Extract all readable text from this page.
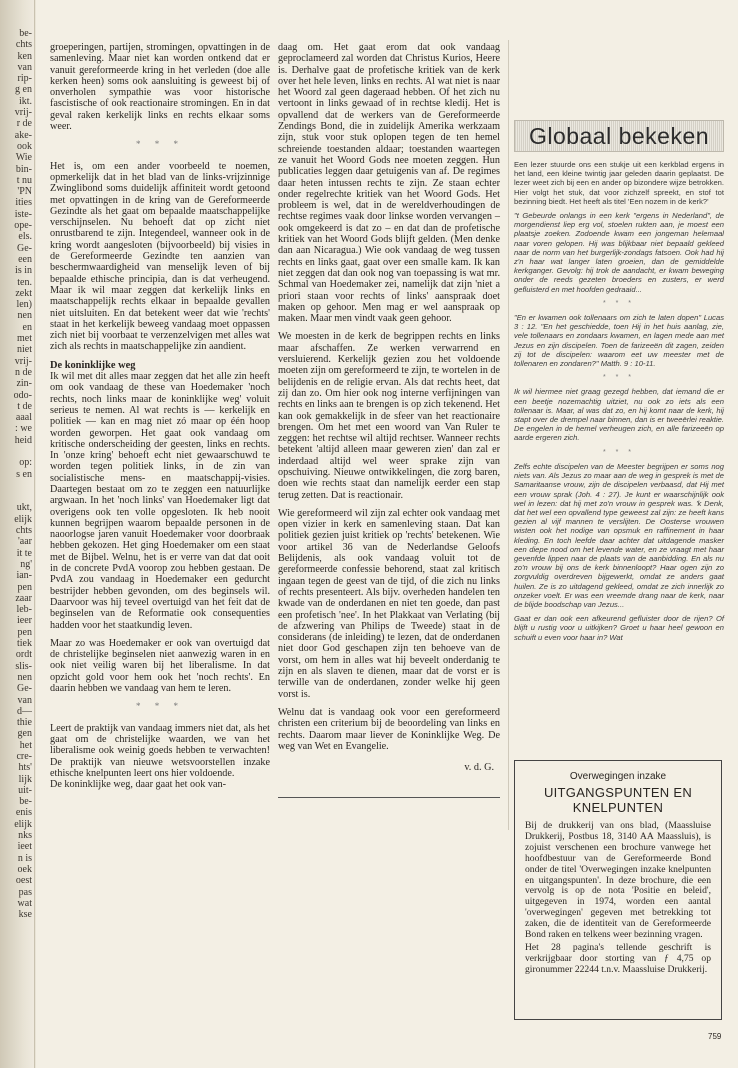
be-
chts
ken
van
rip-
g en
ikt.
vrij-
r de
ake-
ook
Wie
bin-
t nu
'PN
ities
iste-
ope-
els.
Ge-
een
is in
ten.
zekt
len)
nen
en
met
niet
vrij-
n de
zin-
odo-
t de
aaal
: we
heid

op:
s en

ukt,
elijk
chts
'aar
it te
ng'
ian-
pen
zaar
leb-
ieer
pen
tiek
ordt
slis-
nen
Ge-
van
d—
thie
gen
het
cre-
hts'
lijk
uit-
be-
enis
elijk
nks
ieet
n is
oek
oest
pas
wat
kse

groeperingen, partijen, stromingen, opvattingen in de samenleving. Maar niet kan worden ontkend dat er vanuit gereformeerde kring in het verleden (doe alle kerken heen) soms ook aansluiting is geweest bij of onverholen sympathie was voor historische fascistische of ook reactionaire stromingen. En in dat geval raken kerkelijk links en rechts elkaar soms weer.

* * *

Het is, om een ander voorbeeld te noemen, opmerkelijk dat in het blad van de links-vrijzinnige Zwinglibond soms duidelijk affiniteit wordt getoond met opvattingen in de kring van de Gereformeerde Gezindte als het gaat om bepaalde maatschappelijke verschijnselen. Nu behoeft dat op zicht niet onrustbarend te zijn. Integendeel, wanneer ook in de kring wordt aangesloten (bijvoorbeeld) bij visies in de Gereformeerde Gezindte ten aanzien van beschermwaardigheid van menselijk leven of bij bepaalde ethische principia, dan is dat verheugend. Maar ik wil maar zeggen dat kerkelijk links en maatschappelijk rechts elkaar in bepaalde gevallen niet uitsluiten. En dat betekent weer dat wie 'rechts' staat in het kerkelijk beweeg vandaag moet oppassen zich niet bij voorbaat te verzenzelvigen met alles wat zich als rechts in maatschappelijke zin aandient.

De koninklijke weg

Ik wil met dit alles maar zeggen dat het alle zin heeft om ook vandaag de these van Hoedemaker 'noch rechts, noch links maar de koninklijke weg' voluit serieus te nemen. Al wat rechts is — kerkelijk en politiek — kan en mag niet zó maar op één hoop worden geworpen. Het gaat ook vandaag om kritische onderscheiding der geesten, links en rechts. In 'onze kring' behoeft echt niet gewaarschuwd te worden tegen politiek links, in de zin van socialistische mens- en maatschappij-visies. Daartegen bestaat om zo te zeggen een natuurlijke argwaan. In het 'noch links' van Hoedemaker ligt dat overigens ook ten volle opgesloten. Ik heb nooit kunnen begrijpen waarom bepaalde personen in de naoorlogse jaren vanuit Hoedemaker voor doorbraak hebben gekozen. Het ging Hoedemaker om een staat met de Bijbel. Welnu, het is er verre van dat dat ooit in de concrete PvdA voorop zou hebben gestaan. De PvdA zou vandaag in Hoedemaker een gedurcht bestrijder hebben gevonden, om des beginsels wil. Daarvoor was hij teveel overtuigd van het feit dat de beginselen van de Reformatie ook consequenties hadden voor het staatkundig leven.

Maar zo was Hoedemaker er ook van overtuigd dat de christelijke beginselen niet aanwezig waren in en ook niet veilig waren bij het liberalisme. In dat opzicht gold voor hem ook het 'noch rechts'. En daarin hebben we vandaag van hem te leren.

* * *

Leert de praktijk van vandaag immers niet dat, als het gaat om de christelijke waarden, we van het liberalisme ook weinig goeds hebben te verwachten! De praktijk van nieuwe wetsvoorstellen inzake ethische knelpunten leert ons hier voldoende.

De koninklijke weg, daar gaat het ook van-

daag om. Het gaat erom dat ook vandaag geproclameerd zal worden dat Christus Kurios, Heere is. Derhalve gaat de profetische kritiek van de kerk over het hele leven, links en rechts. Al wat niet is naar het Woord zal geen dageraad hebben. Of het zich nu vertoont in links gewaad of in rechtse kledij. Het is opvallend dat de werkers van de Gereformeerde Zendings Bond, die in zuidelijk Amerika werkzaam zijn, stuk voor stuk oplopen tegen de ten hemel schreiende toestanden aldaar; toestanden waartegen ze vanuit het Woord Gods nee moeten zeggen. Hun publicaties leggen daar getuigenis van af. De regimes daar heten intussen rechts te zijn. Ze staan echter onder regelrechte kritiek van het Woord Gods. Het probleem is wel, dat in de wereldverhoudingen de rechtse regimes vaak door linkse worden vervangen – ook omgekeerd is dat zo – en dat dan de profetische kritiek van het Woord Gods blijft gelden. (Men denke dan aan Nicaragua.) Wie ook vandaag de weg tussen rechts en links gaat, gaat over een smalle kam. Ik kan niet zeggen dat dan ook nog van toepassing is wat mr. Schmal van Hoedemaker zei, namelijk dat zijn 'niet a priori staan voor rechts of links' aanspraak doet maken op gehoor. Men mag er wel aanspraak op maken. Maar men vindt vaak geen gehoor.

We moesten in de kerk de begrippen rechts en links maar afschaffen. Ze werken verwarrend en versluierend. Kerkelijk gezien zou het voldoende moeten zijn om gereformeerd te zijn, te wortelen in de belijdenis en de religie ervan. Als dat rechts heet, dat zij dan zo. Om hier ook nog interne verfijningen van rechts en links aan te brengen is op zich tekenend. Het kan ook gemakkelijk in de sfeer van het reactionaire brengen. Om het met een woord van Van Ruler te zeggen: het rechtse wil altijd rechtser. Wanneer rechts betekent 'altijd alleen maar geweren zien' dan zal er inderdaad altijd wel weer sprake zijn van opschuiving. Nieuwe ontwikkelingen, die zorg baren, doen wie rechts staat dan namelijk eerder een stap terug zetten. Dat is reactionair.

Wie gereformeerd wil zijn zal echter ook vandaag met open vizier in kerk en samenleving staan. Dat kan politiek gezien juist kritiek op 'rechts' betekenen. Wie voor artikel 36 van de Nederlandse Geloofs Belijdenis, als ook vandaag voluit tot de gereformeerde confessie behorend, staat zal kritisch ingaan tegen de geest van de tijd, of die zich nu links of rechts presenteert. Als bijv. overheden handelen ten kwade van de onderdanen en niet ten goede, dan past een profetisch 'nee'. In het Plakkaat van Verlating (bij de afzwering van Philips de Tweede) staat in de considerans (de inleiding) te lezen, dat de onderdanen niet door God geschapen zijn ten behoeve van de vorst, om hem in alles wat hij beveelt onderdanig te zijn en als slaven te dienen, maar dat de vorst er is terwille van de onderdanen, zonder welke hij geen vorst is.

Welnu dat is vandaag ook voor een gereformeerd christen een criterium bij de beoordeling van links en rechts. Daarom maar liever de Koninklijke Weg. De weg van Wet en Evangelie.

v. d. G.
Globaal bekeken

Een lezer stuurde ons een stukje uit een kerkblad ergens in het land, een kleine twintig jaar geleden daarin geplaatst. De lezer weet zich bij een en ander op bizondere wijze betrokken. Hier volgt het stuk, dat voor zichzelf spreekt, en stof tot bezinning biedt. Het heeft als titel 'Een nozem in de kerk?'

"t Gebeurde onlangs in een kerk "ergens in Nederland", de morgendienst liep erg vol, stoelen rukten aan, je moest een plaatsje zoeken. Zodoende kwam een jongeman helemaal naar voren gelopen. Hij was blijkbaar niet bepaald gekleed naar de norm van het burgerlijk-zondags fatsoen. Ook had hij z'n haar wat langer laten groeien, dan de gemiddelde kerkganger. Gevolg: hij trok de aandacht, er kwam beweging onder de reeds gezeten broeders en zusters, er werd gefluisterd en met hoofden gedraaid...

* * *

"En er kwamen ook tollenaars om zich te laten dopen" Lucas 3 : 12. "En het geschiedde, toen Hij in het huis aanlag, zie, vele tollenaars en zondaars kwamen, en lagen mede aan met Jezus en zijn discipelen. Toen de farizeeën dit zagen, zeiden zij tot de discipelen: waarom eet uw meester met de tollenaren en zondaren?" Matth. 9 : 10-11.

* * *

Ik wil hiermee niet graag gezegd hebben, dat iemand die er een beetje nozemachtig uitziet, nu ook zo iets als een tollenaar is. Maar, al was dat zo, en hij komt naar de kerk, hij stapt over de drempel naar binnen, dan is er tweeërlei reaktie. De engelen in de hemel verheugen zich, en alle farizeeën op aarde ergeren zich.

* * *

Zelfs echte discipelen van de Meester begrijpen er soms nog niets van. Als Jezus zo maar aan de weg in gesprek is met de Samaritaanse vrouw, zijn de discipelen verbaasd, dat Hij met een vrouw sprak (Joh. 4 : 27). Je kunt er waarschijnlijk ook wel in lezen: dat hij met zo'n vrouw in gesprek was. 'k Denk, dat het wel een opvallend type geweest zal zijn: ze heeft kans gezien al vijf mannen te verslijten. De Oosterse vrouwen wisten ook het nodige van opsmuk en raffinement in haar kleding. En toch leefde daar achter dat uitdagende masker een diepe nood om het levende water, en ze vraagt met haar gevenfde lippen naar de plaats van de aanbidding. En als nu zo'n vrouw bij ons de kerk binnenloopt? Haar ogen zijn zo zorgvuldig overdreven bijgewerkt, omdat ze anders gaat huilen. Ze is zo uitdagend gekleed, omdat ze zich innerlijk zo onzeker voelt. Er was een vreemde drang naar de kerk, naar de blijde boodschap van Jezus...

Gaat er dan ook een afkeurend gefluister door de rijen? Of blijft u rustig voor u uitkijken? Groet u haar heel gewoon en schuift u even voor haar in? Wat

Overwegingen inzake
UITGANGSPUNTEN EN KNELPUNTEN

Bij de drukkerij van ons blad, (Maassluise Drukkerij, Postbus 18, 3140 AA Maassluis), is zojuist verschenen een brochure vanwege het hoofdbestuur van de Gereformeerde Bond onder de titel 'Overwegingen inzake knelpunten en uitgangspunten'. In deze brochure, die een vervolg is op de nota 'Positie en beleid', uitgegeven in 1974, worden een aantal 'overwegingen' gegeven met betrekking tot zaken, die de identiteit van de Gereformeerde Bond raken en telkens weer bezinning vragen.

Het 28 pagina's tellende geschrift is verkrijgbaar door storting van ƒ 4,75 op gironummer 22244 t.n.v. Maassluise Drukkerij.

759
